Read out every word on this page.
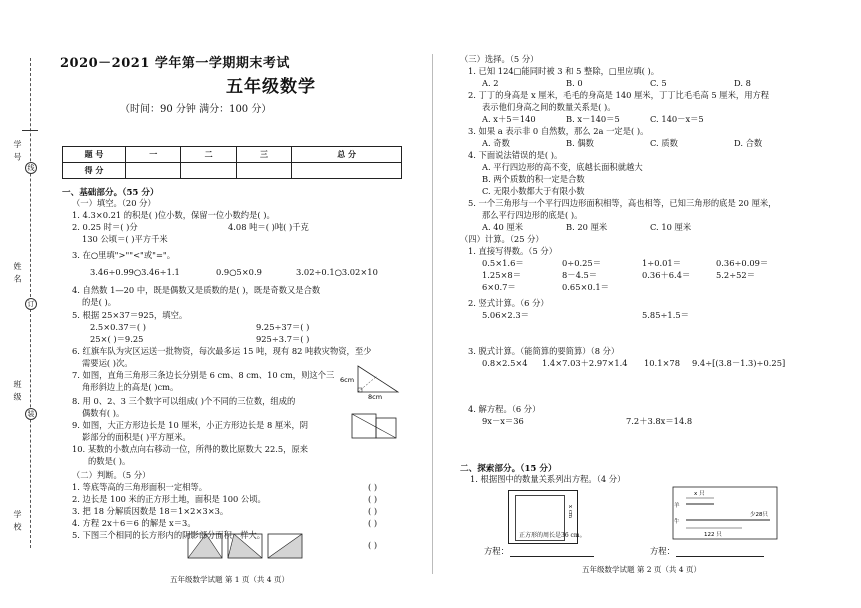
学 号
线
姓 名
订
班 级
装
学 校
2020－2021 学年第一学期期末考试
五年级数学
（时间：90 分钟 满分：100 分）
题 号	一	二	三	总 分
得 分				
一、基础部分。（55 分）
（一）填空。（20 分）
1. 4.3×0.21 的积是( )位小数，保留一位小数约是( )。
2. 0.25 时＝( )分	4.08 吨＝( )吨( )千克
130 公顷＝( )平方千米
3. 在○里填">""<"或"="。
3.46÷0.99○3.46÷1.1	0.9○5×0.9	3.02÷0.1○3.02×10
4. 自然数 1—20 中，既是偶数又是质数的是( )，既是奇数又是合数
的是( )。
5. 根据 25×37＝925，填空。
2.5×0.37＝( )	9.25÷37＝( )
25×( )＝9.25	925÷3.7＝( )
6. 红旗车队为灾区运送一批物资，每次最多运 15 吨，现有 82 吨救灾物资，至少
需要运( )次。
7. 如图，直角三角形三条边长分别是 6 cm、8 cm、10 cm，则这个三
角形斜边上的高是( )cm。
6cm
8cm
8. 用 0、2、3 三个数字可以组成( )个不同的三位数，组成的
偶数有( )。
9. 如图，大正方形边长是 10 厘米，小正方形边长是 8 厘米，阴
影部分的面积是( )平方厘米。
10. 某数的小数点向右移动一位，所得的数比原数大 22.5，原来
的数是( )。
（二）判断。（5 分）
1. 等底等高的三角形面积一定相等。	( )
2. 边长是 100 米的正方形土地，面积是 100 公顷。	( )
3. 把 18 分解质因数是 18＝1×2×3×3。	( )
4. 方程 2x＋6＝6 的解是 x＝3。	( )
5. 下图三个相同的长方形内的阴影部分面积一样大。
( )
五年级数学试题 第 1 页（共 4 页）
（三）选择。（5 分）
1. 已知 124□能同时被 3 和 5 整除，□里应填( )。
A. 2	B. 0	C. 5	D. 8
2. 丁丁的身高是 x 厘米，毛毛的身高是 140 厘米，丁丁比毛毛高 5 厘米，用方程
表示他们身高之间的数量关系是( )。
A. x＋5＝140	B. x－140＝5	C. 140－x＝5
3. 如果 a 表示非 0 自然数，那么 2a 一定是( )。
A. 奇数	B. 偶数	C. 质数	D. 合数
4. 下面说法错误的是( )。
A. 平行四边形的高不变，底越长面积就越大
B. 两个质数的积一定是合数
C. 无限小数都大于有限小数
5. 一个三角形与一个平行四边形面积相等，高也相等，已知三角形的底是 20 厘米，
那么平行四边形的底是( )。
A. 40 厘米	B. 20 厘米	C. 10 厘米
（四）计算。（25 分）
1. 直接写得数。（5 分）
0.5×1.6＝	0÷0.25＝	1÷0.01＝	0.36÷0.09＝
1.25×8＝	8－4.5＝	0.36＋6.4＝	5.2÷52＝
6×0.7＝	0.65×0.1＝
2. 竖式计算。（6 分）
5.06×2.3＝	5.85÷1.5＝
3. 脱式计算。（能简算的要简算）（8 分）
0.8×2.5×4 1.4×7.03＋2.97×1.4 10.1×78 9.4÷[(3.8－1.3)÷0.25]
4. 解方程。（6 分）
9x－x＝36	7.2＋3.8x＝14.8
二、探索部分。（15 分）
1. 根据图中的数量关系列出方程。（4 分）
正方形的周长是36 cm。
x cm
方程：
x 只
羊
牛
少28只
122 只
方程：
五年级数学试题 第 2 页（共 4 页）
